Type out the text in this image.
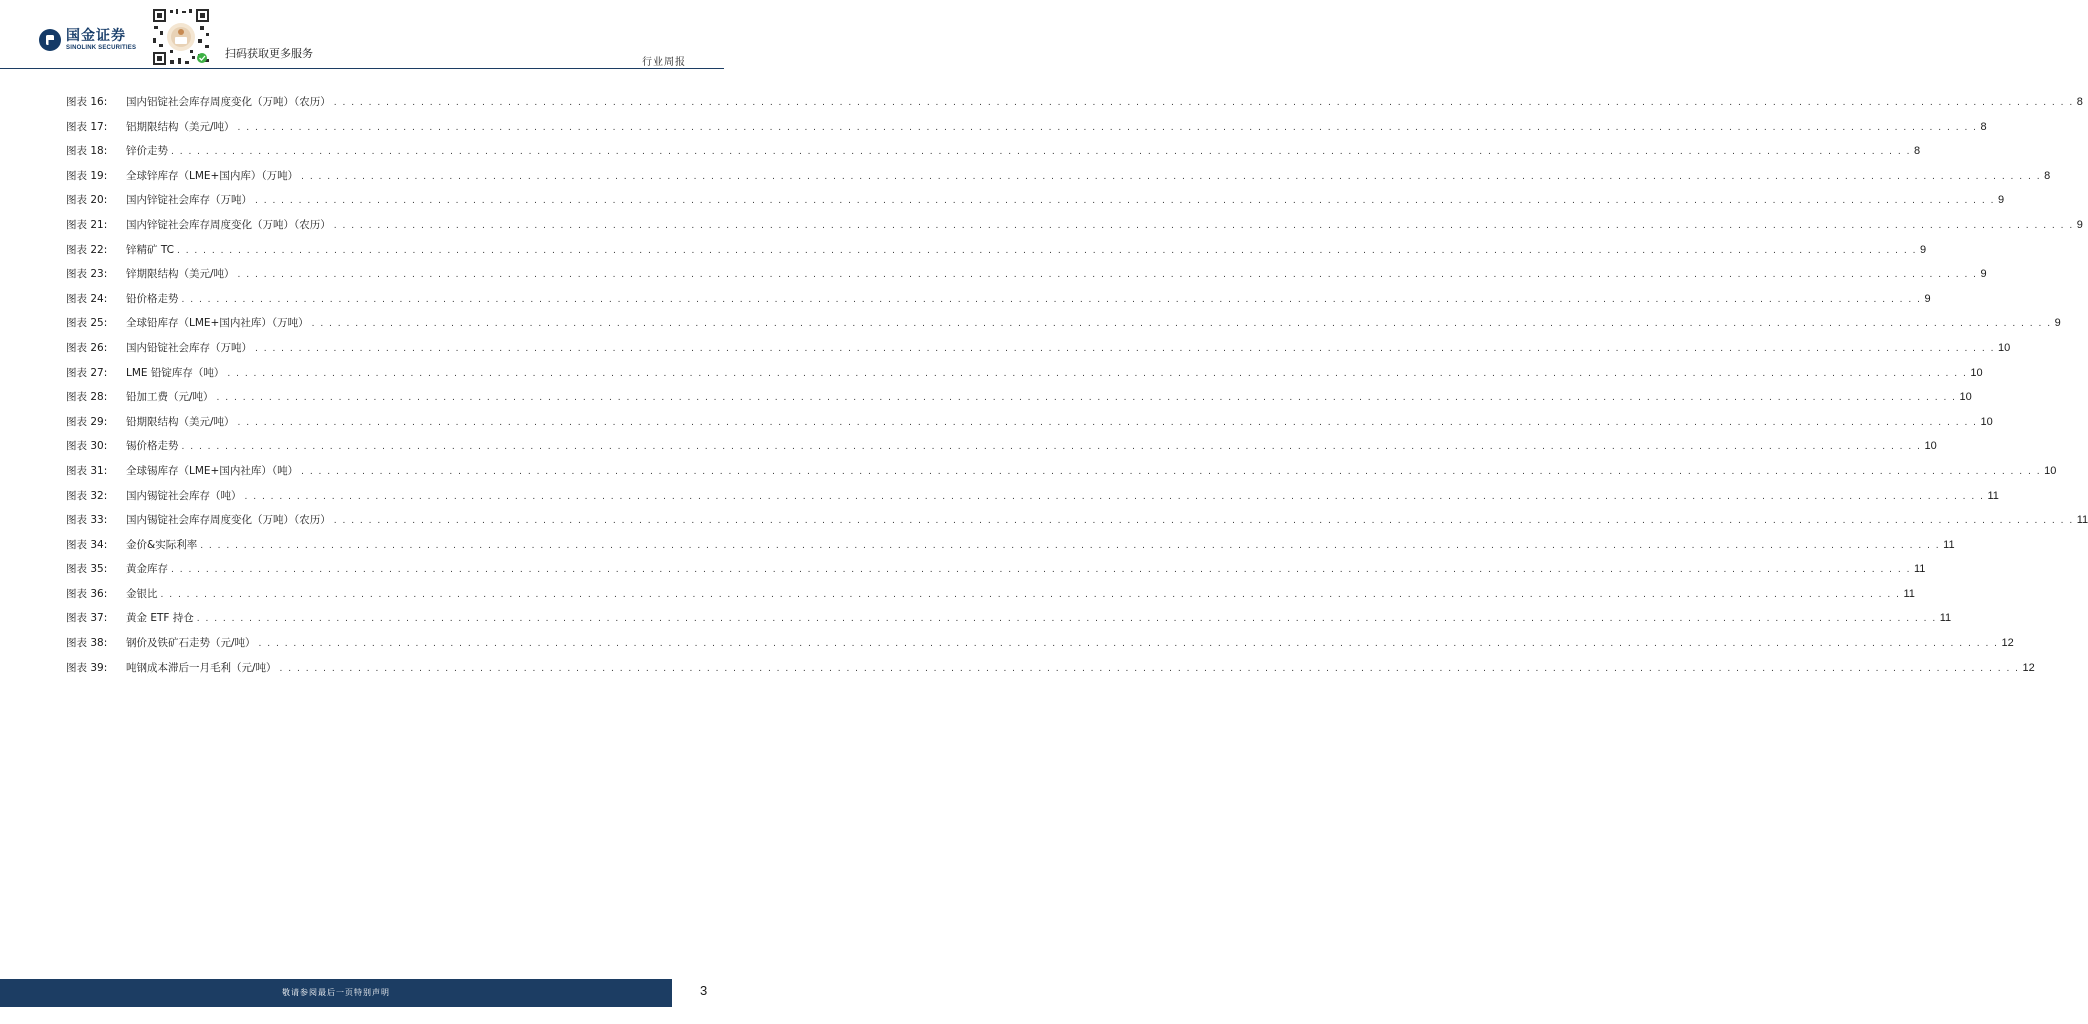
国金证券
SINOLINK SECURITIES	扫码获取更多服务
行业周报
图表 16:	国内铝锭社会库存周度变化（万吨）（农历） . . . . . . . . . . . . . . . . . . . . . . . . . . . . . . . . . . . . . . . . . . . . . . . . . . . . . . . . . . . . . . . . . . . . . . . . . . . . . . . . . . . . . . . . . . . . . . . . . . . . . . . . . . . . . . . . . . . . . . . . . . . . . . . . . . . . . . . . . . . . . . . . . . . . . . . . . . . . . . . . . . . . . . . . . . . . . . . . . . . . . . . . . . . . . . . . . . . . . . . . 8
图表 17:	铝期限结构（美元/吨） . . . . . . . . . . . . . . . . . . . . . . . . . . . . . . . . . . . . . . . . . . . . . . . . . . . . . . . . . . . . . . . . . . . . . . . . . . . . . . . . . . . . . . . . . . . . . . . . . . . . . . . . . . . . . . . . . . . . . . . . . . . . . . . . . . . . . . . . . . . . . . . . . . . . . . . . . . . . . . . . . . . . . . . . . . . . . . . . . . . . . . . . . . . . . . . . . . . . . . . . 8
图表 18:	锌价走势 . . . . . . . . . . . . . . . . . . . . . . . . . . . . . . . . . . . . . . . . . . . . . . . . . . . . . . . . . . . . . . . . . . . . . . . . . . . . . . . . . . . . . . . . . . . . . . . . . . . . . . . . . . . . . . . . . . . . . . . . . . . . . . . . . . . . . . . . . . . . . . . . . . . . . . . . . . . . . . . . . . . . . . . . . . . . . . . . . . . . . . . . . . . . . . . . . . . . . . . . 8
图表 19:	全球锌库存（LME+国内库）（万吨） . . . . . . . . . . . . . . . . . . . . . . . . . . . . . . . . . . . . . . . . . . . . . . . . . . . . . . . . . . . . . . . . . . . . . . . . . . . . . . . . . . . . . . . . . . . . . . . . . . . . . . . . . . . . . . . . . . . . . . . . . . . . . . . . . . . . . . . . . . . . . . . . . . . . . . . . . . . . . . . . . . . . . . . . . . . . . . . . . . . . . . . . . . . . . . . . . . . . . . . . 8
图表 20:	国内锌锭社会库存（万吨） . . . . . . . . . . . . . . . . . . . . . . . . . . . . . . . . . . . . . . . . . . . . . . . . . . . . . . . . . . . . . . . . . . . . . . . . . . . . . . . . . . . . . . . . . . . . . . . . . . . . . . . . . . . . . . . . . . . . . . . . . . . . . . . . . . . . . . . . . . . . . . . . . . . . . . . . . . . . . . . . . . . . . . . . . . . . . . . . . . . . . . . . . . . . . . . . . . . . . . . . 9
图表 21:	国内锌锭社会库存周度变化（万吨）（农历） . . . . . . . . . . . . . . . . . . . . . . . . . . . . . . . . . . . . . . . . . . . . . . . . . . . . . . . . . . . . . . . . . . . . . . . . . . . . . . . . . . . . . . . . . . . . . . . . . . . . . . . . . . . . . . . . . . . . . . . . . . . . . . . . . . . . . . . . . . . . . . . . . . . . . . . . . . . . . . . . . . . . . . . . . . . . . . . . . . . . . . . . . . . . . . . . . . . . . . . . 9
图表 22:	锌精矿 TC . . . . . . . . . . . . . . . . . . . . . . . . . . . . . . . . . . . . . . . . . . . . . . . . . . . . . . . . . . . . . . . . . . . . . . . . . . . . . . . . . . . . . . . . . . . . . . . . . . . . . . . . . . . . . . . . . . . . . . . . . . . . . . . . . . . . . . . . . . . . . . . . . . . . . . . . . . . . . . . . . . . . . . . . . . . . . . . . . . . . . . . . . . . . . . . . . . . . . . . . 9
图表 23:	锌期限结构（美元/吨） . . . . . . . . . . . . . . . . . . . . . . . . . . . . . . . . . . . . . . . . . . . . . . . . . . . . . . . . . . . . . . . . . . . . . . . . . . . . . . . . . . . . . . . . . . . . . . . . . . . . . . . . . . . . . . . . . . . . . . . . . . . . . . . . . . . . . . . . . . . . . . . . . . . . . . . . . . . . . . . . . . . . . . . . . . . . . . . . . . . . . . . . . . . . . . . . . . . . . . . . 9
图表 24:	铅价格走势 . . . . . . . . . . . . . . . . . . . . . . . . . . . . . . . . . . . . . . . . . . . . . . . . . . . . . . . . . . . . . . . . . . . . . . . . . . . . . . . . . . . . . . . . . . . . . . . . . . . . . . . . . . . . . . . . . . . . . . . . . . . . . . . . . . . . . . . . . . . . . . . . . . . . . . . . . . . . . . . . . . . . . . . . . . . . . . . . . . . . . . . . . . . . . . . . . . . . . . . . 9
图表 25:	全球铅库存（LME+国内社库）（万吨） . . . . . . . . . . . . . . . . . . . . . . . . . . . . . . . . . . . . . . . . . . . . . . . . . . . . . . . . . . . . . . . . . . . . . . . . . . . . . . . . . . . . . . . . . . . . . . . . . . . . . . . . . . . . . . . . . . . . . . . . . . . . . . . . . . . . . . . . . . . . . . . . . . . . . . . . . . . . . . . . . . . . . . . . . . . . . . . . . . . . . . . . . . . . . . . . . . . . . . . . 9
图表 26:	国内铅锭社会库存（万吨） . . . . . . . . . . . . . . . . . . . . . . . . . . . . . . . . . . . . . . . . . . . . . . . . . . . . . . . . . . . . . . . . . . . . . . . . . . . . . . . . . . . . . . . . . . . . . . . . . . . . . . . . . . . . . . . . . . . . . . . . . . . . . . . . . . . . . . . . . . . . . . . . . . . . . . . . . . . . . . . . . . . . . . . . . . . . . . . . . . . . . . . . . . . . . . . . . . . . . . . . 10
图表 27:	LME 铅锭库存（吨） . . . . . . . . . . . . . . . . . . . . . . . . . . . . . . . . . . . . . . . . . . . . . . . . . . . . . . . . . . . . . . . . . . . . . . . . . . . . . . . . . . . . . . . . . . . . . . . . . . . . . . . . . . . . . . . . . . . . . . . . . . . . . . . . . . . . . . . . . . . . . . . . . . . . . . . . . . . . . . . . . . . . . . . . . . . . . . . . . . . . . . . . . . . . . . . . . . . . . . . . 10
图表 28:	铅加工费（元/吨） . . . . . . . . . . . . . . . . . . . . . . . . . . . . . . . . . . . . . . . . . . . . . . . . . . . . . . . . . . . . . . . . . . . . . . . . . . . . . . . . . . . . . . . . . . . . . . . . . . . . . . . . . . . . . . . . . . . . . . . . . . . . . . . . . . . . . . . . . . . . . . . . . . . . . . . . . . . . . . . . . . . . . . . . . . . . . . . . . . . . . . . . . . . . . . . . . . . . . . . . 10
图表 29:	铅期限结构（美元/吨） . . . . . . . . . . . . . . . . . . . . . . . . . . . . . . . . . . . . . . . . . . . . . . . . . . . . . . . . . . . . . . . . . . . . . . . . . . . . . . . . . . . . . . . . . . . . . . . . . . . . . . . . . . . . . . . . . . . . . . . . . . . . . . . . . . . . . . . . . . . . . . . . . . . . . . . . . . . . . . . . . . . . . . . . . . . . . . . . . . . . . . . . . . . . . . . . . . . . . . . . 10
图表 30:	锡价格走势 . . . . . . . . . . . . . . . . . . . . . . . . . . . . . . . . . . . . . . . . . . . . . . . . . . . . . . . . . . . . . . . . . . . . . . . . . . . . . . . . . . . . . . . . . . . . . . . . . . . . . . . . . . . . . . . . . . . . . . . . . . . . . . . . . . . . . . . . . . . . . . . . . . . . . . . . . . . . . . . . . . . . . . . . . . . . . . . . . . . . . . . . . . . . . . . . . . . . . . . . 10
图表 31:	全球锡库存（LME+国内社库）（吨） . . . . . . . . . . . . . . . . . . . . . . . . . . . . . . . . . . . . . . . . . . . . . . . . . . . . . . . . . . . . . . . . . . . . . . . . . . . . . . . . . . . . . . . . . . . . . . . . . . . . . . . . . . . . . . . . . . . . . . . . . . . . . . . . . . . . . . . . . . . . . . . . . . . . . . . . . . . . . . . . . . . . . . . . . . . . . . . . . . . . . . . . . . . . . . . . . . . . . . . . 10
图表 32:	国内锡锭社会库存（吨） . . . . . . . . . . . . . . . . . . . . . . . . . . . . . . . . . . . . . . . . . . . . . . . . . . . . . . . . . . . . . . . . . . . . . . . . . . . . . . . . . . . . . . . . . . . . . . . . . . . . . . . . . . . . . . . . . . . . . . . . . . . . . . . . . . . . . . . . . . . . . . . . . . . . . . . . . . . . . . . . . . . . . . . . . . . . . . . . . . . . . . . . . . . . . . . . . . . . . . . . 11
图表 33:	国内锡锭社会库存周度变化（万吨）（农历） . . . . . . . . . . . . . . . . . . . . . . . . . . . . . . . . . . . . . . . . . . . . . . . . . . . . . . . . . . . . . . . . . . . . . . . . . . . . . . . . . . . . . . . . . . . . . . . . . . . . . . . . . . . . . . . . . . . . . . . . . . . . . . . . . . . . . . . . . . . . . . . . . . . . . . . . . . . . . . . . . . . . . . . . . . . . . . . . . . . . . . . . . . . . . . . . . . . . . . . . 11
图表 34:	金价&实际利率 . . . . . . . . . . . . . . . . . . . . . . . . . . . . . . . . . . . . . . . . . . . . . . . . . . . . . . . . . . . . . . . . . . . . . . . . . . . . . . . . . . . . . . . . . . . . . . . . . . . . . . . . . . . . . . . . . . . . . . . . . . . . . . . . . . . . . . . . . . . . . . . . . . . . . . . . . . . . . . . . . . . . . . . . . . . . . . . . . . . . . . . . . . . . . . . . . . . . . . . . 11
图表 35:	黄金库存 . . . . . . . . . . . . . . . . . . . . . . . . . . . . . . . . . . . . . . . . . . . . . . . . . . . . . . . . . . . . . . . . . . . . . . . . . . . . . . . . . . . . . . . . . . . . . . . . . . . . . . . . . . . . . . . . . . . . . . . . . . . . . . . . . . . . . . . . . . . . . . . . . . . . . . . . . . . . . . . . . . . . . . . . . . . . . . . . . . . . . . . . . . . . . . . . . . . . . . . . 11
图表 36:	金银比 . . . . . . . . . . . . . . . . . . . . . . . . . . . . . . . . . . . . . . . . . . . . . . . . . . . . . . . . . . . . . . . . . . . . . . . . . . . . . . . . . . . . . . . . . . . . . . . . . . . . . . . . . . . . . . . . . . . . . . . . . . . . . . . . . . . . . . . . . . . . . . . . . . . . . . . . . . . . . . . . . . . . . . . . . . . . . . . . . . . . . . . . . . . . . . . . . . . . . . . . 11
图表 37:	黄金 ETF 持仓 . . . . . . . . . . . . . . . . . . . . . . . . . . . . . . . . . . . . . . . . . . . . . . . . . . . . . . . . . . . . . . . . . . . . . . . . . . . . . . . . . . . . . . . . . . . . . . . . . . . . . . . . . . . . . . . . . . . . . . . . . . . . . . . . . . . . . . . . . . . . . . . . . . . . . . . . . . . . . . . . . . . . . . . . . . . . . . . . . . . . . . . . . . . . . . . . . . . . . . . . 11
图表 38:	钢价及铁矿石走势（元/吨） . . . . . . . . . . . . . . . . . . . . . . . . . . . . . . . . . . . . . . . . . . . . . . . . . . . . . . . . . . . . . . . . . . . . . . . . . . . . . . . . . . . . . . . . . . . . . . . . . . . . . . . . . . . . . . . . . . . . . . . . . . . . . . . . . . . . . . . . . . . . . . . . . . . . . . . . . . . . . . . . . . . . . . . . . . . . . . . . . . . . . . . . . . . . . . . . . . . . . . . . 12
图表 39:	吨钢成本滞后一月毛利（元/吨） . . . . . . . . . . . . . . . . . . . . . . . . . . . . . . . . . . . . . . . . . . . . . . . . . . . . . . . . . . . . . . . . . . . . . . . . . . . . . . . . . . . . . . . . . . . . . . . . . . . . . . . . . . . . . . . . . . . . . . . . . . . . . . . . . . . . . . . . . . . . . . . . . . . . . . . . . . . . . . . . . . . . . . . . . . . . . . . . . . . . . . . . . . . . . . . . . . . . . . . . 12
敬请参阅最后一页特别声明	3
